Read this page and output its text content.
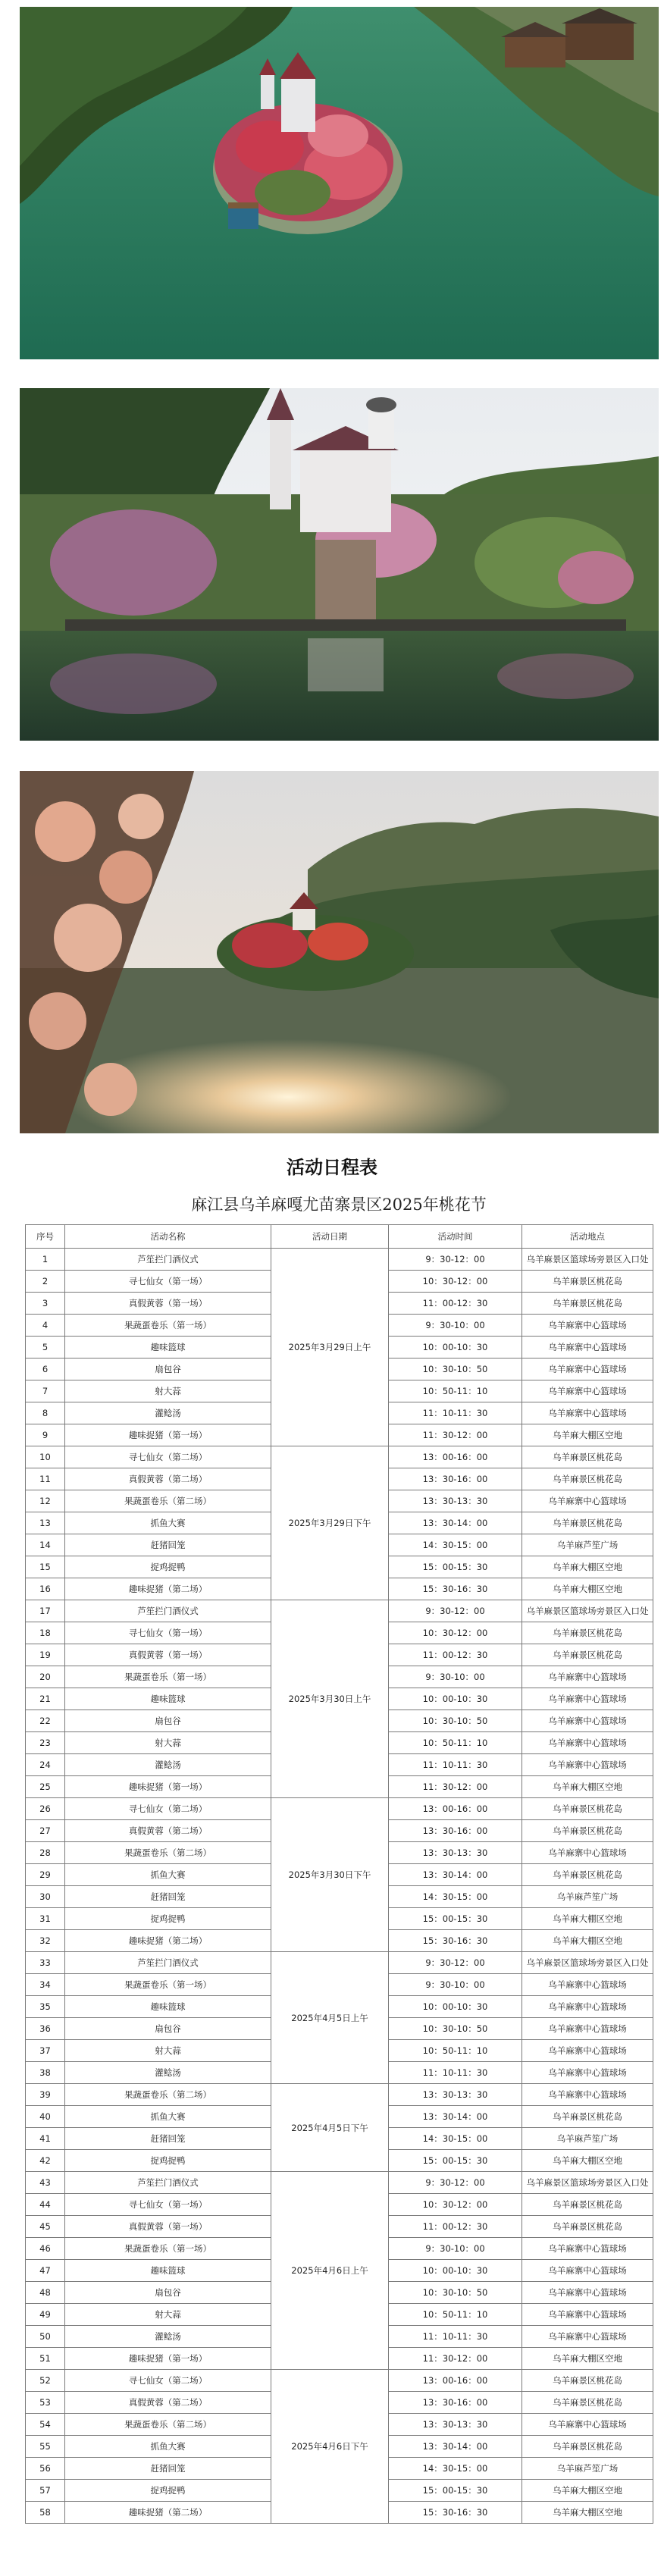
活动日程表
麻江县乌羊麻嘎尤苗寨景区2025年桃花节
序号	活动名称	活动日期	活动时间	活动地点
1	芦笙拦门酒仪式	2025年3月29日上午	9：30-12：00	乌羊麻景区篮球场旁景区入口处
2	寻七仙女（第一场）		10：30-12：00	乌羊麻景区桃花岛
3	真假黄蓉（第一场）		11：00-12：30	乌羊麻景区桃花岛
4	果蔬蛋卷乐（第一场）		9：30-10：00	乌羊麻寨中心篮球场
5	趣味篮球		10：00-10：30	乌羊麻寨中心篮球场
6	扇包谷		10：30-10：50	乌羊麻寨中心篮球场
7	射大蒜		10：50-11：10	乌羊麻寨中心篮球场
8	灌鲶汤		11：10-11：30	乌羊麻寨中心篮球场
9	趣味捉猪（第一场）		11：30-12：00	乌羊麻大棚区空地
10	寻七仙女（第二场）	2025年3月29日下午	13：00-16：00	乌羊麻景区桃花岛
11	真假黄蓉（第二场）		13：30-16：00	乌羊麻景区桃花岛
12	果蔬蛋卷乐（第二场）		13：30-13：30	乌羊麻寨中心篮球场
13	抓鱼大赛		13：30-14：00	乌羊麻景区桃花岛
14	赶猪回笼		14：30-15：00	乌羊麻芦笙广场
15	捉鸡捉鸭		15：00-15：30	乌羊麻大棚区空地
16	趣味捉猪（第二场）		15：30-16：30	乌羊麻大棚区空地
17	芦笙拦门酒仪式	2025年3月30日上午	9：30-12：00	乌羊麻景区篮球场旁景区入口处
18	寻七仙女（第一场）		10：30-12：00	乌羊麻景区桃花岛
19	真假黄蓉（第一场）		11：00-12：30	乌羊麻景区桃花岛
20	果蔬蛋卷乐（第一场）		9：30-10：00	乌羊麻寨中心篮球场
21	趣味篮球		10：00-10：30	乌羊麻寨中心篮球场
22	扇包谷		10：30-10：50	乌羊麻寨中心篮球场
23	射大蒜		10：50-11：10	乌羊麻寨中心篮球场
24	灌鲶汤		11：10-11：30	乌羊麻寨中心篮球场
25	趣味捉猪（第一场）		11：30-12：00	乌羊麻大棚区空地
26	寻七仙女（第二场）	2025年3月30日下午	13：00-16：00	乌羊麻景区桃花岛
27	真假黄蓉（第二场）		13：30-16：00	乌羊麻景区桃花岛
28	果蔬蛋卷乐（第二场）		13：30-13：30	乌羊麻寨中心篮球场
29	抓鱼大赛		13：30-14：00	乌羊麻景区桃花岛
30	赶猪回笼		14：30-15：00	乌羊麻芦笙广场
31	捉鸡捉鸭		15：00-15：30	乌羊麻大棚区空地
32	趣味捉猪（第二场）		15：30-16：30	乌羊麻大棚区空地
33	芦笙拦门酒仪式	2025年4月5日上午	9：30-12：00	乌羊麻景区篮球场旁景区入口处
34	果蔬蛋卷乐（第一场）		9：30-10：00	乌羊麻寨中心篮球场
35	趣味篮球		10：00-10：30	乌羊麻寨中心篮球场
36	扇包谷		10：30-10：50	乌羊麻寨中心篮球场
37	射大蒜		10：50-11：10	乌羊麻寨中心篮球场
38	灌鲶汤		11：10-11：30	乌羊麻寨中心篮球场
39	果蔬蛋卷乐（第二场）	2025年4月5日下午	13：30-13：30	乌羊麻寨中心篮球场
40	抓鱼大赛		13：30-14：00	乌羊麻景区桃花岛
41	赶猪回笼		14：30-15：00	乌羊麻芦笙广场
42	捉鸡捉鸭		15：00-15：30	乌羊麻大棚区空地
43	芦笙拦门酒仪式	2025年4月6日上午	9：30-12：00	乌羊麻景区篮球场旁景区入口处
44	寻七仙女（第一场）		10：30-12：00	乌羊麻景区桃花岛
45	真假黄蓉（第一场）		11：00-12：30	乌羊麻景区桃花岛
46	果蔬蛋卷乐（第一场）		9：30-10：00	乌羊麻寨中心篮球场
47	趣味篮球		10：00-10：30	乌羊麻寨中心篮球场
48	扇包谷		10：30-10：50	乌羊麻寨中心篮球场
49	射大蒜		10：50-11：10	乌羊麻寨中心篮球场
50	灌鲶汤		11：10-11：30	乌羊麻寨中心篮球场
51	趣味捉猪（第一场）		11：30-12：00	乌羊麻大棚区空地
52	寻七仙女（第二场）	2025年4月6日下午	13：00-16：00	乌羊麻景区桃花岛
53	真假黄蓉（第二场）		13：30-16：00	乌羊麻景区桃花岛
54	果蔬蛋卷乐（第二场）		13：30-13：30	乌羊麻寨中心篮球场
55	抓鱼大赛		13：30-14：00	乌羊麻景区桃花岛
56	赶猪回笼		14：30-15：00	乌羊麻芦笙广场
57	捉鸡捉鸭		15：00-15：30	乌羊麻大棚区空地
58	趣味捉猪（第二场）		15：30-16：30	乌羊麻大棚区空地
